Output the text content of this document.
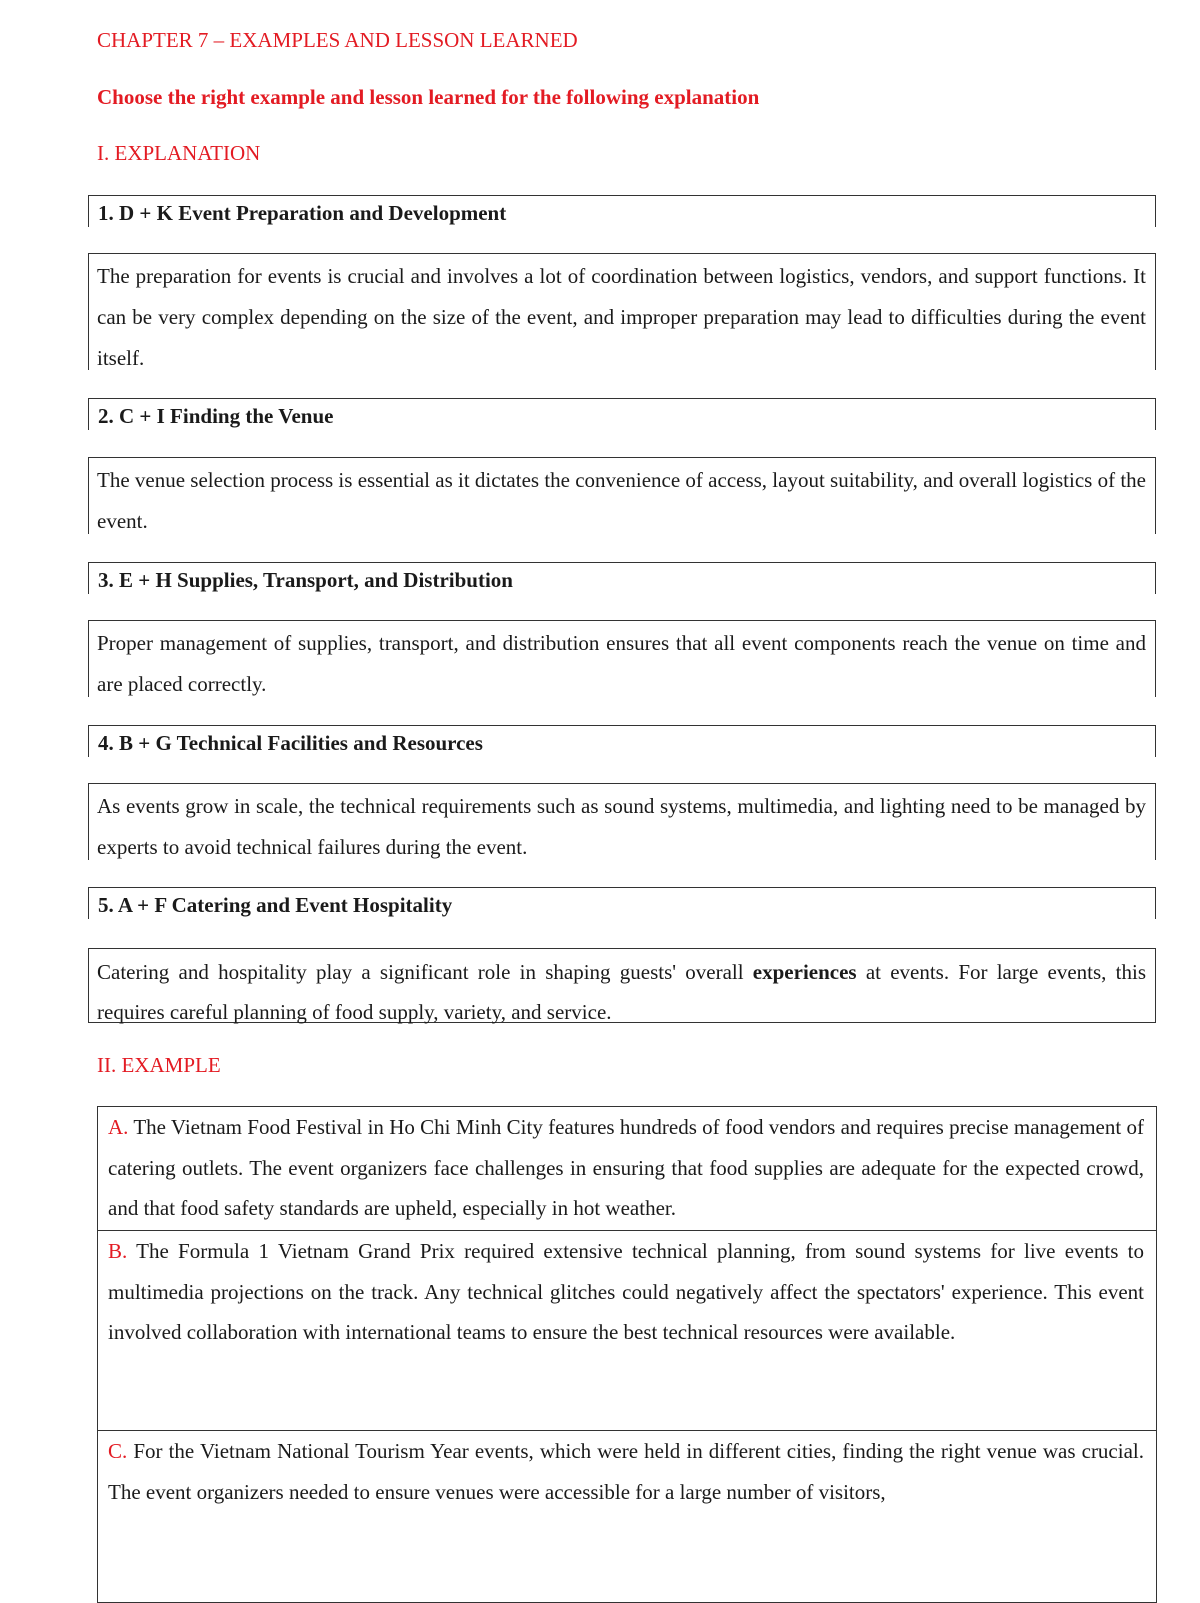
CHAPTER 7 – EXAMPLES AND LESSON LEARNED
Choose the right example and lesson learned for the following explanation
I. EXPLANATION
1. D + K Event Preparation and Development
The preparation for events is crucial and involves a lot of coordination between logistics, vendors, and support functions. It can be very complex depending on the size of the event, and improper preparation may lead to difficulties during the event itself.
2. C + I Finding the Venue
The venue selection process is essential as it dictates the convenience of access, layout suitability, and overall logistics of the event.
3. E + H Supplies, Transport, and Distribution
Proper management of supplies, transport, and distribution ensures that all event components reach the venue on time and are placed correctly.
4. B + G Technical Facilities and Resources
As events grow in scale, the technical requirements such as sound systems, multimedia, and lighting need to be managed by experts to avoid technical failures during the event.
5. A + F Catering and Event Hospitality
Catering and hospitality play a significant role in shaping guests' overall experiences at events. For large events, this requires careful planning of food supply, variety, and service.
II. EXAMPLE
A. The Vietnam Food Festival in Ho Chi Minh City features hundreds of food vendors and requires precise management of catering outlets. The event organizers face challenges in ensuring that food supplies are adequate for the expected crowd, and that food safety standards are upheld, especially in hot weather.
B. The Formula 1 Vietnam Grand Prix required extensive technical planning, from sound systems for live events to multimedia projections on the track. Any technical glitches could negatively affect the spectators' experience. This event involved collaboration with international teams to ensure the best technical resources were available.
C. For the Vietnam National Tourism Year events, which were held in different cities, finding the right venue was crucial. The event organizers needed to ensure venues were accessible for a large number of visitors,
